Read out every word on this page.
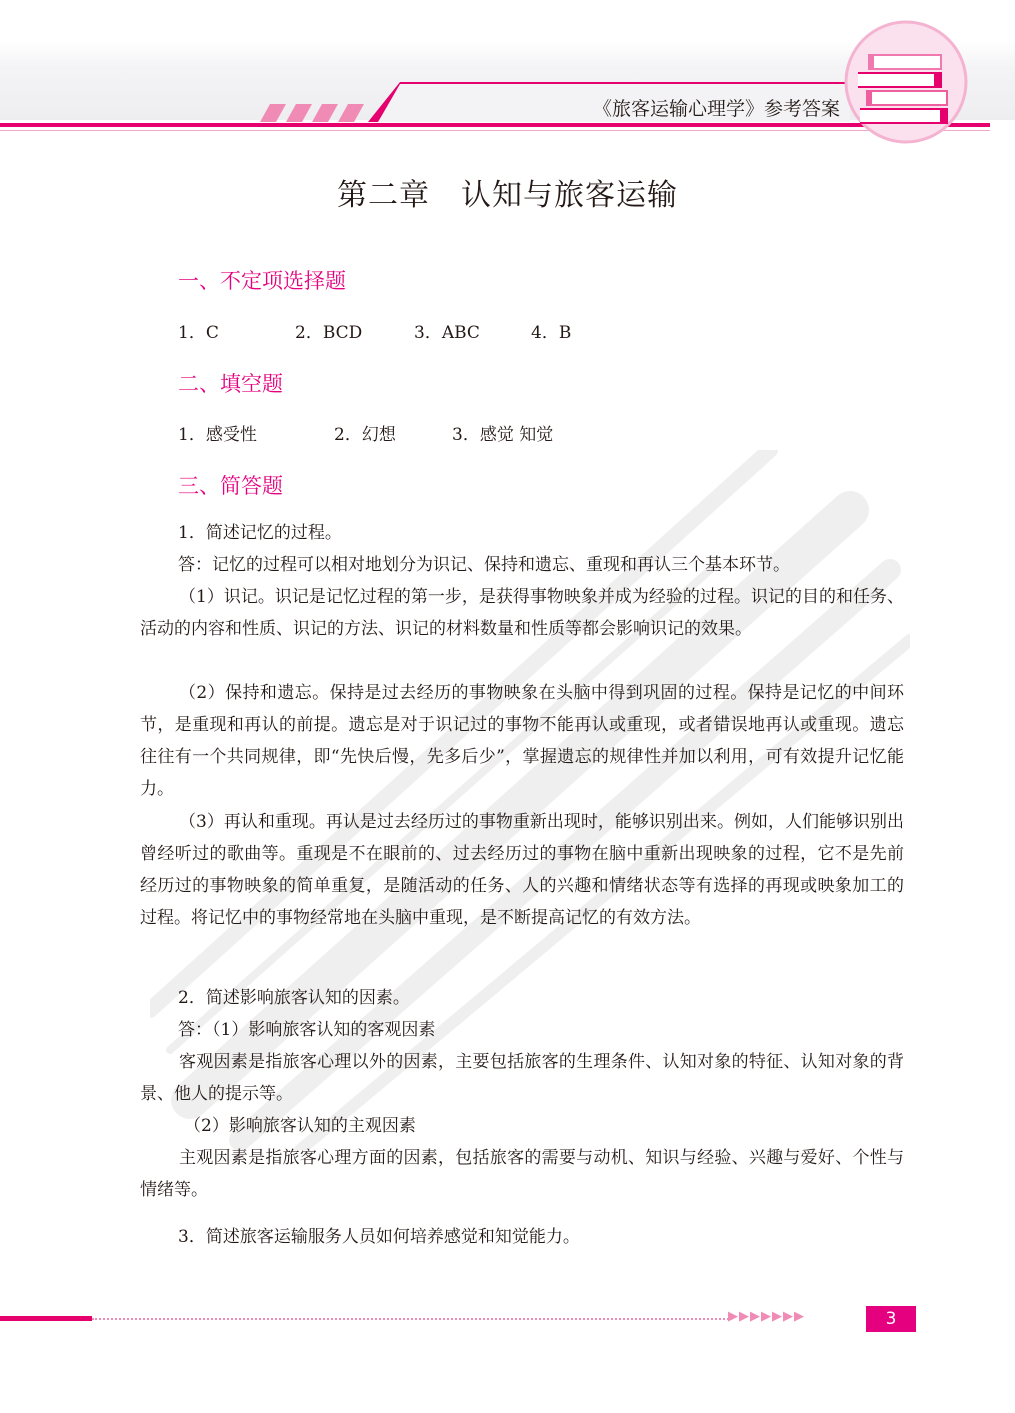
《旅客运输心理学》参考答案
第二章　认知与旅客运输
一、不定项选择题
1．C	2．BCD	3．ABC	4．B
二、填空题
1．感受性	2．幻想	3．感觉 知觉
三、简答题
1．简述记忆的过程。
答：记忆的过程可以相对地划分为识记、保持和遗忘、重现和再认三个基本环节。
（1）识记。识记是记忆过程的第一步，是获得事物映象并成为经验的过程。识记的目的和任务、活动的内容和性质、识记的方法、识记的材料数量和性质等都会影响识记的效果。
（2）保持和遗忘。保持是过去经历的事物映象在头脑中得到巩固的过程。保持是记忆的中间环节，是重现和再认的前提。遗忘是对于识记过的事物不能再认或重现，或者错误地再认或重现。遗忘往往有一个共同规律，即“先快后慢，先多后少”，掌握遗忘的规律性并加以利用，可有效提升记忆能力。
（3）再认和重现。再认是过去经历过的事物重新出现时，能够识别出来。例如，人们能够识别出曾经听过的歌曲等。重现是不在眼前的、过去经历过的事物在脑中重新出现映象的过程，它不是先前经历过的事物映象的简单重复，是随活动的任务、人的兴趣和情绪状态等有选择的再现或映象加工的过程。将记忆中的事物经常地在头脑中重现，是不断提高记忆的有效方法。
2．简述影响旅客认知的因素。
答：（1）影响旅客认知的客观因素
客观因素是指旅客心理以外的因素，主要包括旅客的生理条件、认知对象的特征、认知对象的背景、他人的提示等。
（2）影响旅客认知的主观因素
主观因素是指旅客心理方面的因素，包括旅客的需要与动机、知识与经验、兴趣与爱好、个性与情绪等。
3．简述旅客运输服务人员如何培养感觉和知觉能力。
▶▶▶▶▶▶▶	3
